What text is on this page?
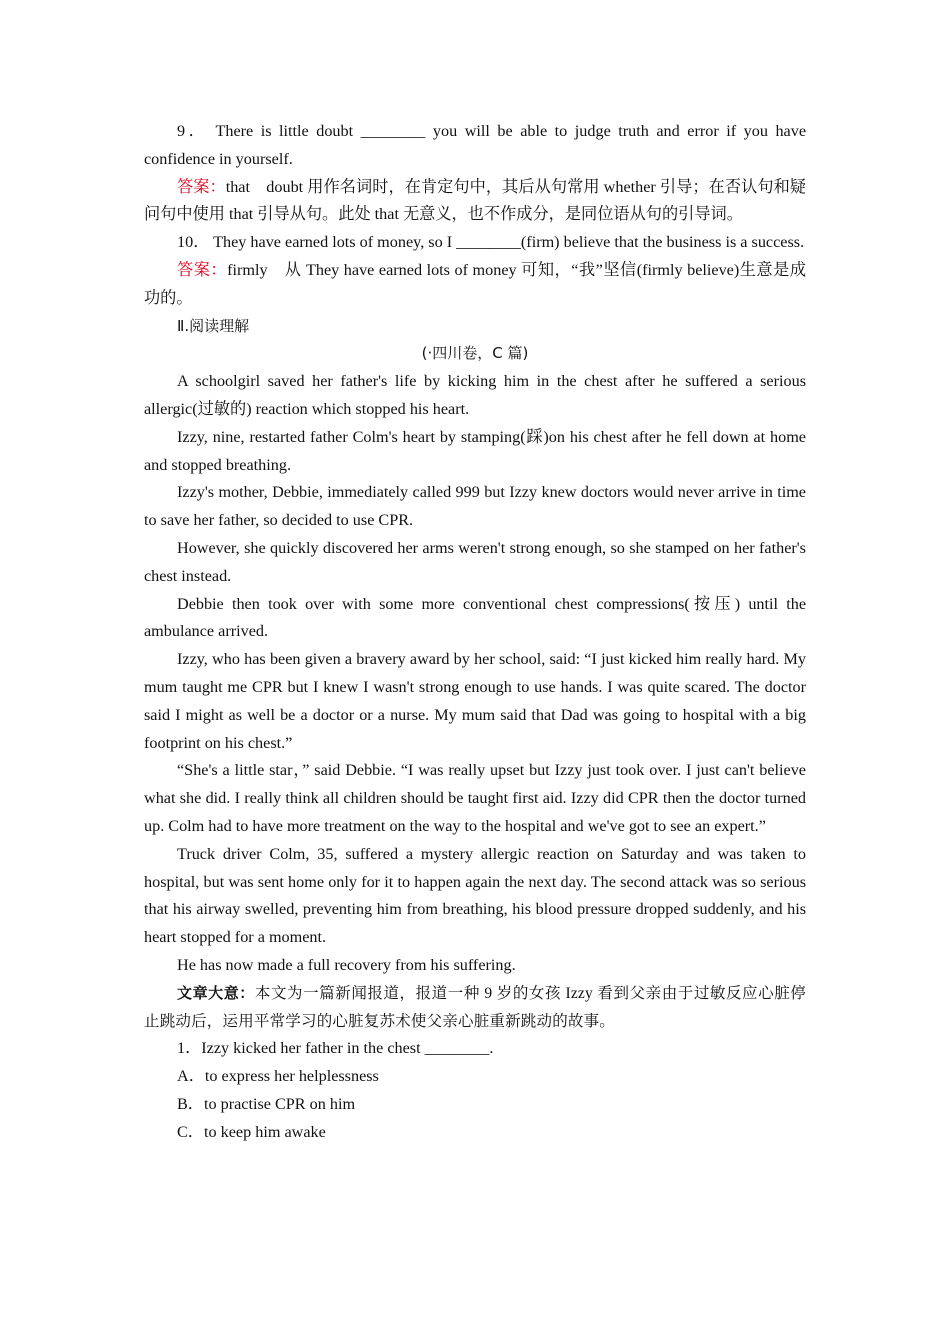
9． There is little doubt ________ you will be able to judge truth and error if you have confidence in yourself.

答案：that　doubt 用作名词时，在肯定句中，其后从句常用 whether 引导；在否认句和疑问句中使用 that 引导从句。此处 that 无意义，也不作成分，是同位语从句的引导词。

10． They have earned lots of money, so I ________(firm) believe that the business is a success.

答案：firmly　从 They have earned lots of money 可知，“我”坚信(firmly believe)生意是成功的。

Ⅱ.阅读理解

(·四川卷，C 篇)

A schoolgirl saved her father's life by kicking him in the chest after he suffered a serious allergic(过敏的) reaction which stopped his heart.

Izzy, nine, restarted father Colm's heart by stamping(踩)on his chest after he fell down at home and stopped breathing.

Izzy's mother, Debbie, immediately called 999 but Izzy knew doctors would never arrive in time to save her father, so decided to use CPR.

However, she quickly discovered her arms weren't strong enough, so she stamped on her father's chest instead.

Debbie then took over with some more conventional chest compressions(按压) until the ambulance arrived.

Izzy, who has been given a bravery award by her school, said: “I just kicked him really hard. My mum taught me CPR but I knew I wasn't strong enough to use hands. I was quite scared. The doctor said I might as well be a doctor or a nurse. My mum said that Dad was going to hospital with a big footprint on his chest.”

“She's a little star，” said Debbie. “I was really upset but Izzy just took over. I just can't believe what she did. I really think all children should be taught first aid. Izzy did CPR then the doctor turned up. Colm had to have more treatment on the way to the hospital and we've got to see an expert.”

Truck driver Colm, 35, suffered a mystery allergic reaction on Saturday and was taken to hospital, but was sent home only for it to happen again the next day. The second attack was so serious that his airway swelled, preventing him from breathing, his blood pressure dropped suddenly, and his heart stopped for a moment.

He has now made a full recovery from his suffering.

文章大意：本文为一篇新闻报道，报道一种 9 岁的女孩 Izzy 看到父亲由于过敏反应心脏停止跳动后，运用平常学习的心脏复苏术使父亲心脏重新跳动的故事。

1．Izzy kicked her father in the chest ________.

A．to express her helplessness

B．to practise CPR on him

C．to keep him awake
